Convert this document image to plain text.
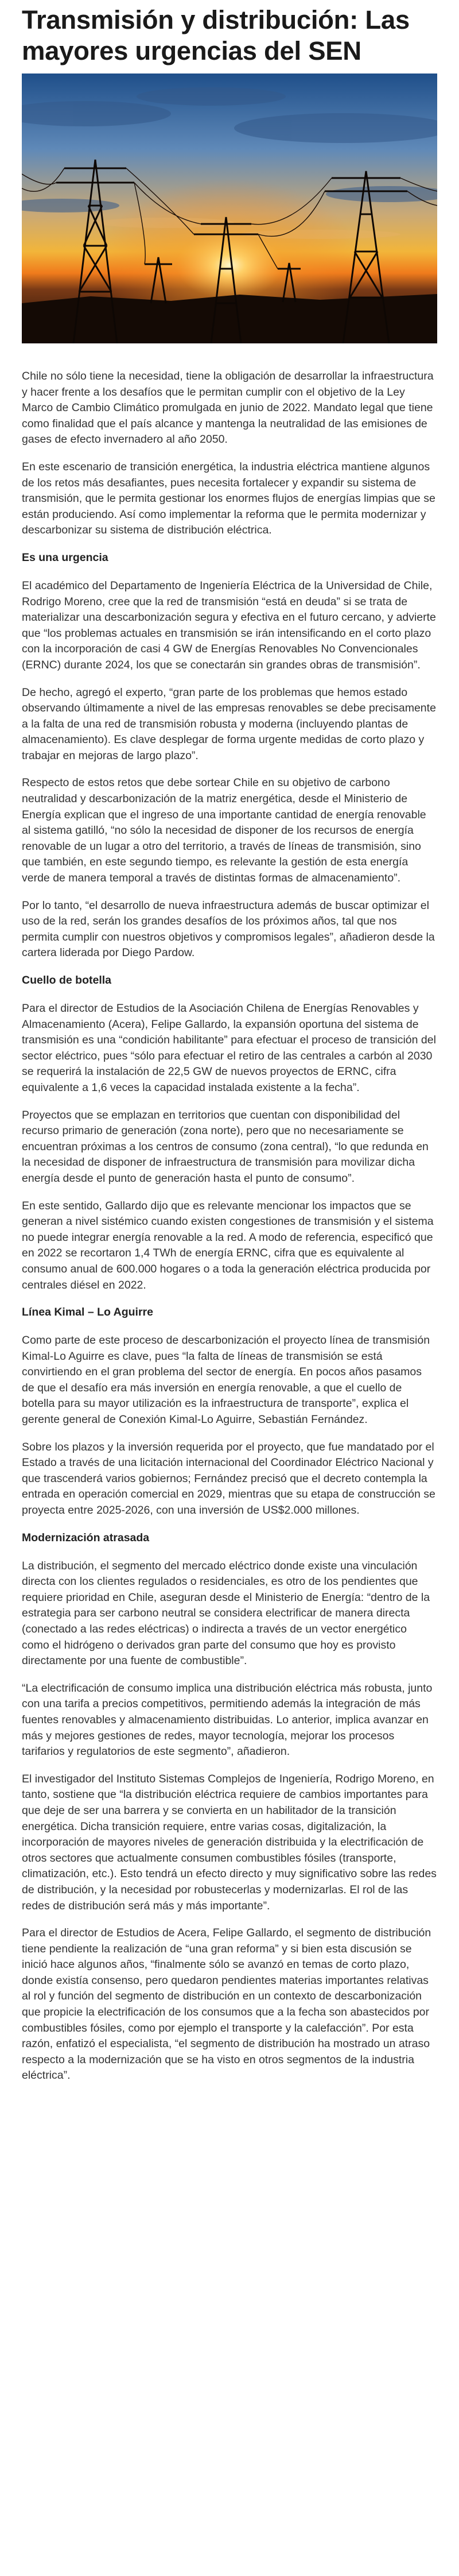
Transmisión y distribución: Las mayores urgencias del SEN

Chile no sólo tiene la necesidad, tiene la obligación de desarrollar la infraestructura y hacer frente a los desafíos que le permitan cumplir con el objetivo de la Ley Marco de Cambio Climático promulgada en junio de 2022. Mandato legal que tiene como finalidad que el país alcance y mantenga la neutralidad de las emisiones de gases de efecto invernadero al año 2050.

En este escenario de transición energética, la industria eléctrica mantiene algunos de los retos más desafiantes, pues necesita fortalecer y expandir su sistema de transmisión, que le permita gestionar los enormes flujos de energías limpias que se están produciendo. Así como implementar la reforma que le permita modernizar y descarbonizar su sistema de distribución eléctrica.

Es una urgencia

El académico del Departamento de Ingeniería Eléctrica de la Universidad de Chile, Rodrigo Moreno, cree que la red de transmisión “está en deuda” si se trata de materializar una descarbonización segura y efectiva en el futuro cercano, y advierte que “los problemas actuales en transmisión se irán intensificando en el corto plazo con la incorporación de casi 4 GW de Energías Renovables No Convencionales (ERNC) durante 2024, los que se conectarán sin grandes obras de transmisión”.

De hecho, agregó el experto, “gran parte de los problemas que hemos estado observando últimamente a nivel de las empresas renovables se debe precisamente a la falta de una red de transmisión robusta y moderna (incluyendo plantas de almacenamiento). Es clave desplegar de forma urgente medidas de corto plazo y trabajar en mejoras de largo plazo”.

Respecto de estos retos que debe sortear Chile en su objetivo de carbono neutralidad y descarbonización de la matriz energética, desde el Ministerio de Energía explican que el ingreso de una importante cantidad de energía renovable al sistema gatilló, “no sólo la necesidad de disponer de los recursos de energía renovable de un lugar a otro del territorio, a través de líneas de transmisión, sino que también, en este segundo tiempo, es relevante la gestión de esta energía verde de manera temporal a través de distintas formas de almacenamiento”.

Por lo tanto, “el desarrollo de nueva infraestructura además de buscar optimizar el uso de la red, serán los grandes desafíos de los próximos años, tal que nos permita cumplir con nuestros objetivos y compromisos legales”, añadieron desde la cartera liderada por Diego Pardow.

Cuello de botella

Para el director de Estudios de la Asociación Chilena de Energías Renovables y Almacenamiento (Acera), Felipe Gallardo, la expansión oportuna del sistema de transmisión es una “condición habilitante” para efectuar el proceso de transición del sector eléctrico, pues “sólo para efectuar el retiro de las centrales a carbón al 2030 se requerirá la instalación de 22,5 GW de nuevos proyectos de ERNC, cifra equivalente a 1,6 veces la capacidad instalada existente a la fecha”.

Proyectos que se emplazan en territorios que cuentan con disponibilidad del recurso primario de generación (zona norte), pero que no necesariamente se encuentran próximas a los centros de consumo (zona central), “lo que redunda en la necesidad de disponer de infraestructura de transmisión para movilizar dicha energía desde el punto de generación hasta el punto de consumo”.

En este sentido, Gallardo dijo que es relevante mencionar los impactos que se generan a nivel sistémico cuando existen congestiones de transmisión y el sistema no puede integrar energía renovable a la red. A modo de referencia, especificó que en 2022 se recortaron 1,4 TWh de energía ERNC, cifra que es equivalente al consumo anual de 600.000 hogares o a toda la generación eléctrica producida por centrales diésel en 2022.

Línea Kimal – Lo Aguirre

Como parte de este proceso de descarbonización el proyecto línea de transmisión Kimal-Lo Aguirre es clave, pues “la falta de líneas de transmisión se está convirtiendo en el gran problema del sector de energía. En pocos años pasamos de que el desafío era más inversión en energía renovable, a que el cuello de botella para su mayor utilización es la infraestructura de transporte”, explica el gerente general de Conexión Kimal-Lo Aguirre, Sebastián Fernández.

Sobre los plazos y la inversión requerida por el proyecto, que fue mandatado por el Estado a través de una licitación internacional del Coordinador Eléctrico Nacional y que trascenderá varios gobiernos; Fernández precisó que el decreto contempla la entrada en operación comercial en 2029, mientras que su etapa de construcción se proyecta entre 2025-2026, con una inversión de US$2.000 millones.

Modernización atrasada

La distribución, el segmento del mercado eléctrico donde existe una vinculación directa con los clientes regulados o residenciales, es otro de los pendientes que requiere prioridad en Chile, aseguran desde el Ministerio de Energía: “dentro de la estrategia para ser carbono neutral se considera electrificar de manera directa (conectado a las redes eléctricas) o indirecta a través de un vector energético como el hidrógeno o derivados gran parte del consumo que hoy es provisto directamente por una fuente de combustible”.

“La electrificación de consumo implica una distribución eléctrica más robusta, junto con una tarifa a precios competitivos, permitiendo además la integración de más fuentes renovables y almacenamiento distribuidas. Lo anterior, implica avanzar en más y mejores gestiones de redes, mayor tecnología, mejorar los procesos tarifarios y regulatorios de este segmento”, añadieron.

El investigador del Instituto Sistemas Complejos de Ingeniería, Rodrigo Moreno, en tanto, sostiene que “la distribución eléctrica requiere de cambios importantes para que deje de ser una barrera y se convierta en un habilitador de la transición energética. Dicha transición requiere, entre varias cosas, digitalización, la incorporación de mayores niveles de generación distribuida y la electrificación de otros sectores que actualmente consumen combustibles fósiles (transporte, climatización, etc.). Esto tendrá un efecto directo y muy significativo sobre las redes de distribución, y la necesidad por robustecerlas y modernizarlas. El rol de las redes de distribución será más y más importante”.

Para el director de Estudios de Acera, Felipe Gallardo, el segmento de distribución tiene pendiente la realización de “una gran reforma” y si bien esta discusión se inició hace algunos años, “finalmente sólo se avanzó en temas de corto plazo, donde existía consenso, pero quedaron pendientes materias importantes relativas al rol y función del segmento de distribución en un contexto de descarbonización que propicie la electrificación de los consumos que a la fecha son abastecidos por combustibles fósiles, como por ejemplo el transporte y la calefacción”. Por esta razón, enfatizó el especialista, “el segmento de distribución ha mostrado un atraso respecto a la modernización que se ha visto en otros segmentos de la industria eléctrica”.
